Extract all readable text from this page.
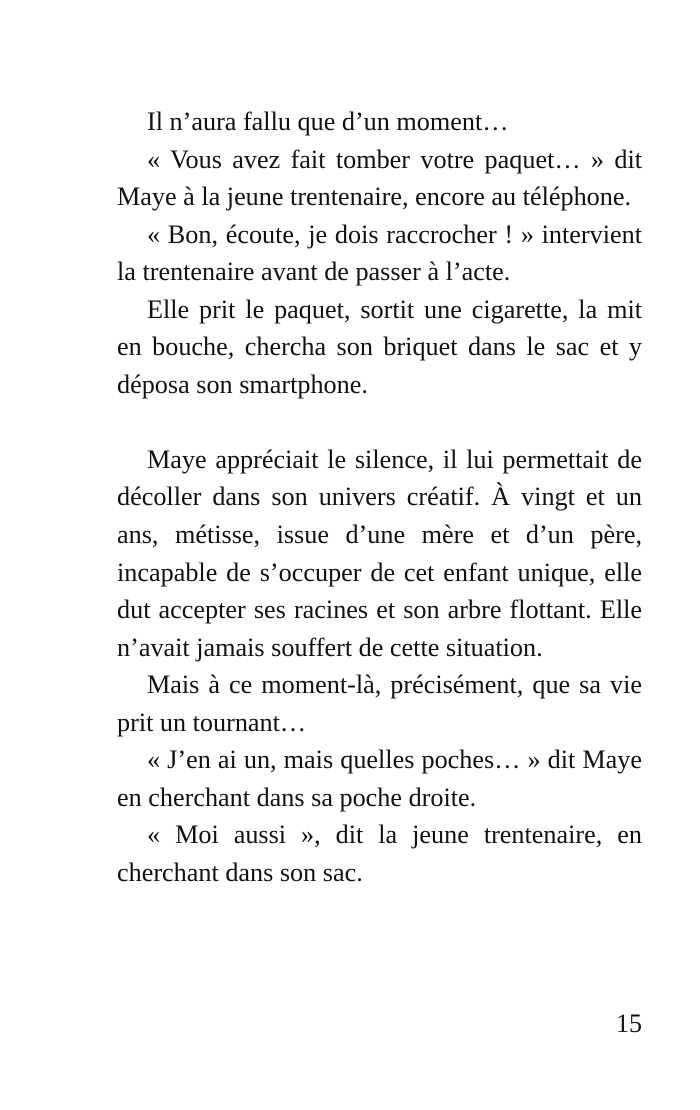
Il n’aura fallu que d’un moment…

« Vous avez fait tomber votre paquet… » dit Maye à la jeune trentenaire, encore au téléphone.

« Bon, écoute, je dois raccrocher ! » intervient la trentenaire avant de passer à l’acte.

Elle prit le paquet, sortit une cigarette, la mit en bouche, chercha son briquet dans le sac et y déposa son smartphone.

Maye appréciait le silence, il lui permettait de décoller dans son univers créatif. À vingt et un ans, métisse, issue d’une mère et d’un père, incapable de s’occuper de cet enfant unique, elle dut accepter ses racines et son arbre flottant. Elle n’avait jamais souffert de cette situation.

Mais à ce moment-là, précisément, que sa vie prit un tournant…

« J’en ai un, mais quelles poches… » dit Maye en cherchant dans sa poche droite.

« Moi aussi », dit la jeune trentenaire, en cherchant dans son sac.

15
